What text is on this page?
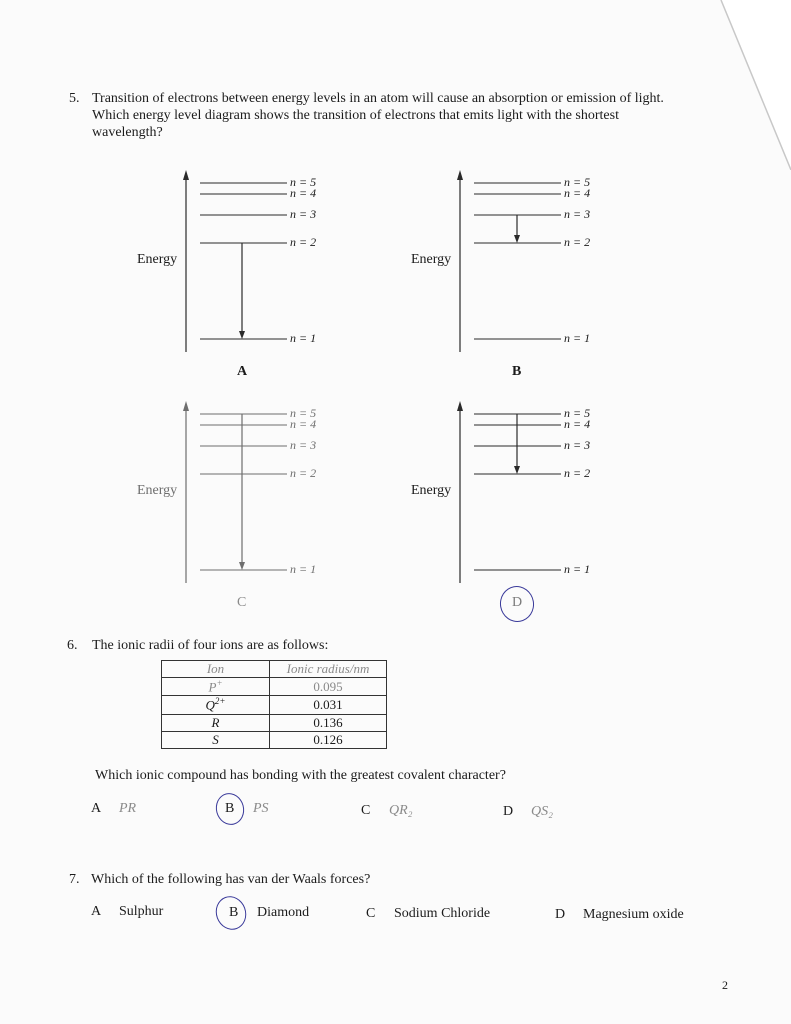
5. Transition of electrons between energy levels in an atom will cause an absorption or emission of light.
Which energy level diagram shows the transition of electrons that emits light with the shortest
wavelength?
Energy
n = 5
n = 4
n = 3
n = 2
n = 1
A
Energy
n = 5
n = 4
n = 3
n = 2
n = 1
B
Energy
n = 5
n = 4
n = 3
n = 2
n = 1
C
Energy
n = 5
n = 4
n = 3
n = 2
n = 1
D
6. The ionic radii of four ions are as follows:
Ion	Ionic radius/nm
P+	0.095
$Q^{2+}$	0.031
R	0.136
S	0.126
Which ionic compound has bonding with the greatest covalent character?
A PR	B PS	C QR₂	D QS₂
7. Which of the following has van der Waals forces?
A Sulphur	B Diamond	C Sodium Chloride	D Magnesium oxide
2
